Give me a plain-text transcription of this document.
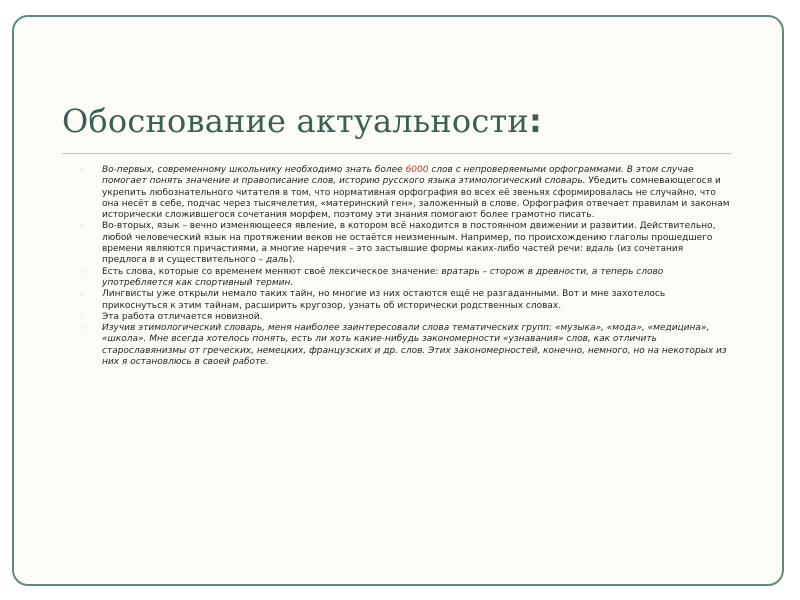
Обоснование актуальности:
◦ Во-первых, современному школьнику необходимо знать более 6000 слов с непроверяемыми орфограммами. В этом случае помогает понять значение и правописание слов, историю русского языка этимологический словарь. Убедить сомневающегося и укрепить любознательного читателя в том, что нормативная орфография во всех её звеньях сформировалась не случайно, что она несёт в себе, подчас через тысячелетия, «материнский ген», заложенный в слове. Орфография отвечает правилам и законам исторически сложившегося сочетания морфем, поэтому эти знания помогают более грамотно писать.
◦ Во-вторых, язык – вечно изменяющееся явление, в котором всё находится в постоянном движении и развитии. Действительно, любой человеческий язык на протяжении веков не остаётся неизменным. Например, по происхождению глаголы прошедшего времени являются причастиями, а многие наречия – это застывшие формы каких-либо частей речи: вдаль (из сочетания предлога в и существительного – даль).
◦ Есть слова, которые со временем меняют своё лексическое значение: вратарь – сторож в древности, а теперь слово употребляется как спортивный термин.
◦ Лингвисты уже открыли немало таких тайн, но многие из них остаются ещё не разгаданными. Вот и мне захотелось прикоснуться к этим тайнам, расширить кругозор, узнать об исторически родственных словах.
◦ Эта работа отличается новизной.
◦ Изучив этимологический словарь, меня наиболее заинтересовали слова тематических групп: «музыка», «мода», «медицина», «школа». Мне всегда хотелось понять, есть ли хоть какие-нибудь закономерности «узнавания» слов, как отличить старославянизмы от греческих, немецких, французских и др. слов. Этих закономерностей, конечно, немного, но на некоторых из них я остановлюсь в своей работе.
